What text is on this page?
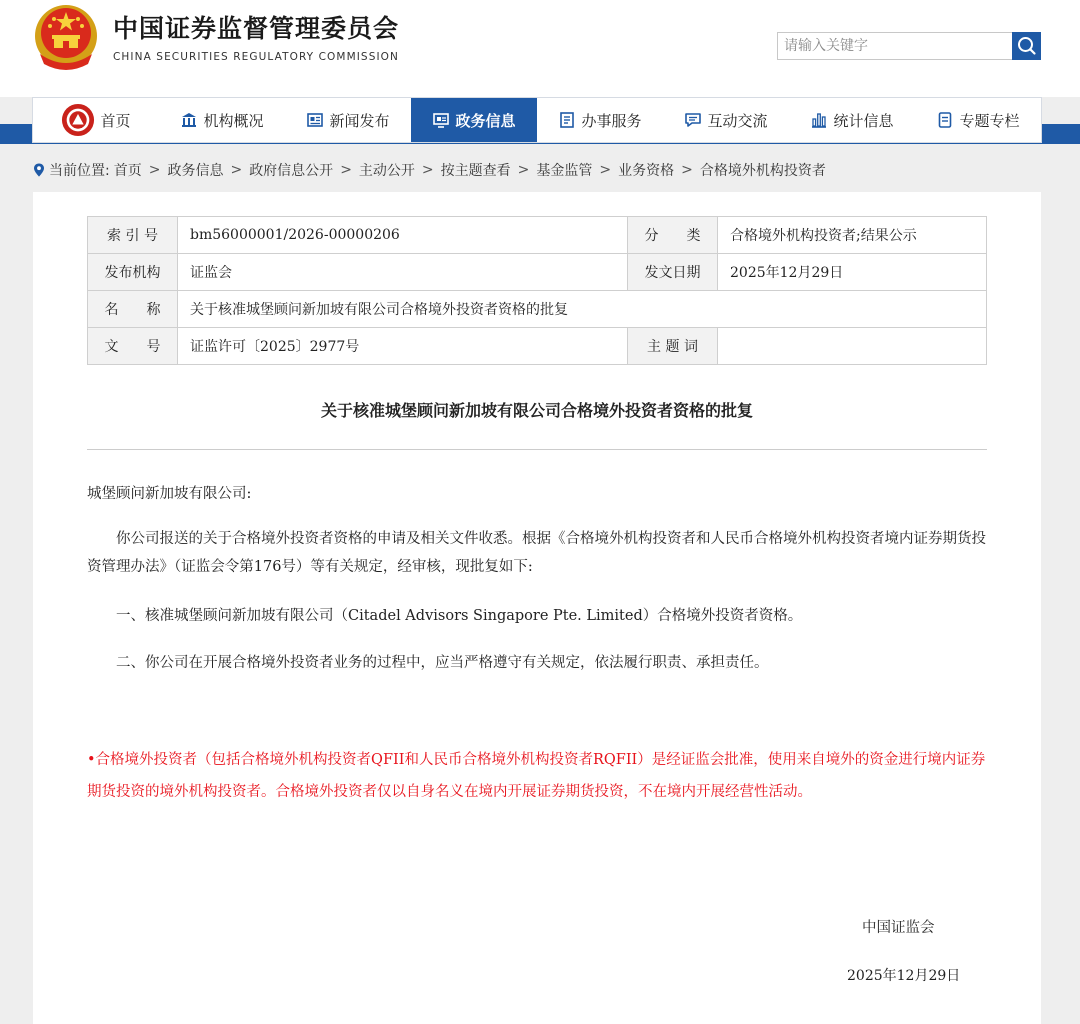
中国证券监督管理委员会
CHINA SECURITIES REGULATORY COMMISSION
请输入关键字
首页	机构概况	新闻发布	政务信息	办事服务	互动交流	统计信息	专题专栏
当前位置: 首页 > 政务信息 > 政府信息公开 > 主动公开 > 按主题查看 > 基金监管 > 业务资格 > 合格境外机构投资者
索 引 号	bm56000001/2026-00000206	分　　类	合格境外机构投资者;结果公示
发布机构	证监会	发文日期	2025年12月29日
名　　称	关于核准城堡顾问新加坡有限公司合格境外投资者资格的批复		
文　　号	证监许可〔2025〕2977号	主 题 词	
关于核准城堡顾问新加坡有限公司合格境外投资者资格的批复
城堡顾问新加坡有限公司:
　　你公司报送的关于合格境外投资者资格的申请及相关文件收悉。根据《合格境外机构投资者和人民币合格境外机构投资者境内证券期货投资管理办法》（证监会令第176号）等有关规定，经审核，现批复如下:
　　一、核准城堡顾问新加坡有限公司（Citadel Advisors Singapore Pte. Limited）合格境外投资者资格。
　　二、你公司在开展合格境外投资者业务的过程中，应当严格遵守有关规定，依法履行职责、承担责任。
•合格境外投资者（包括合格境外机构投资者QFII和人民币合格境外机构投资者RQFII）是经证监会批准，使用来自境外的资金进行境内证券期货投资的境外机构投资者。合格境外投资者仅以自身名义在境内开展证券期货投资，不在境内开展经营性活动。
中国证监会
2025年12月29日
